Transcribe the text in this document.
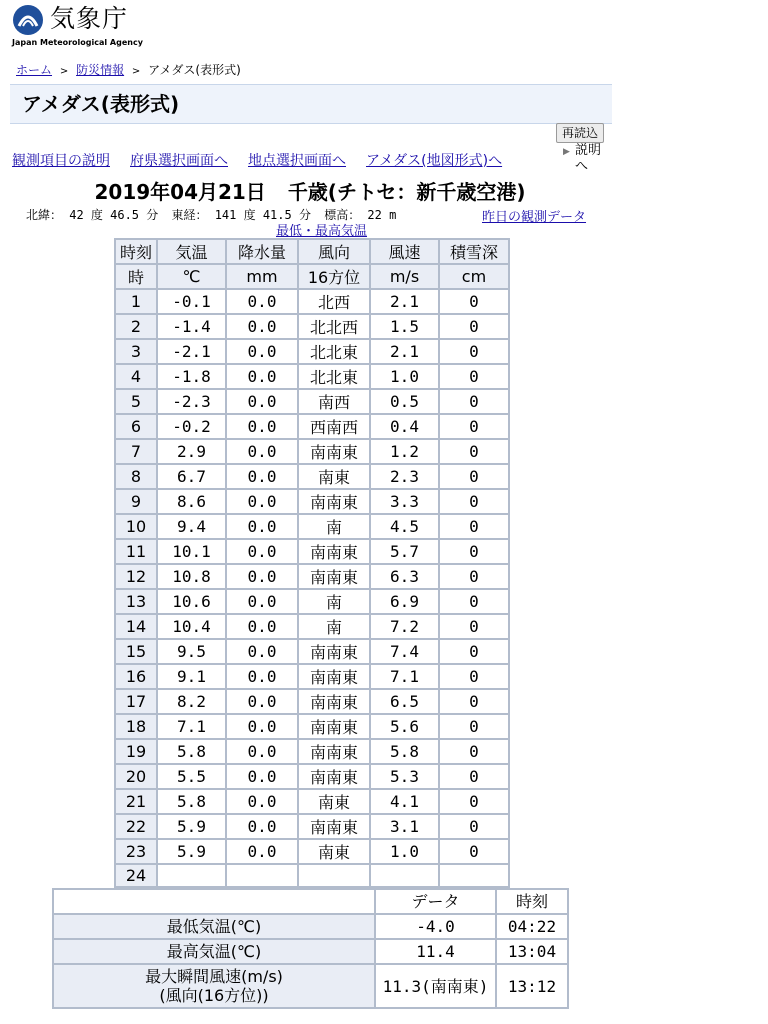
気象庁
Japan Meteorological Agency
ホーム > 防災情報 > アメダス(表形式)
アメダス(表形式)
再読込
観測項目の説明 府県選択画面へ 地点選択画面へ アメダス(地図形式)へ
▶ 説明へ
2019年04月21日 千歳(チトセ：新千歳空港)
北緯： 42 度 46.5 分 東経： 141 度 41.5 分 標高： 22 m	昨日の観測データ
最低・最高気温
時刻	気温	降水量	風向	風速	積雪深
時	℃	mm	16方位	m/s	cm
1	-0.1	0.0	北西	2.1	0
2	-1.4	0.0	北北西	1.5	0
3	-2.1	0.0	北北東	2.1	0
4	-1.8	0.0	北北東	1.0	0
5	-2.3	0.0	南西	0.5	0
6	-0.2	0.0	西南西	0.4	0
7	2.9	0.0	南南東	1.2	0
8	6.7	0.0	南東	2.3	0
9	8.6	0.0	南南東	3.3	0
10	9.4	0.0	南	4.5	0
11	10.1	0.0	南南東	5.7	0
12	10.8	0.0	南南東	6.3	0
13	10.6	0.0	南	6.9	0
14	10.4	0.0	南	7.2	0
15	9.5	0.0	南南東	7.4	0
16	9.1	0.0	南南東	7.1	0
17	8.2	0.0	南南東	6.5	0
18	7.1	0.0	南南東	5.6	0
19	5.8	0.0	南南東	5.8	0
20	5.5	0.0	南南東	5.3	0
21	5.8	0.0	南東	4.1	0
22	5.9	0.0	南南東	3.1	0
23	5.9	0.0	南東	1.0	0
24					
	データ	時刻
最低気温(℃)	-4.0	04:22
最高気温(℃)	11.4	13:04

最大瞬間風速(m/s)
(風向(16方位))	11.3(南南東)	13:12
